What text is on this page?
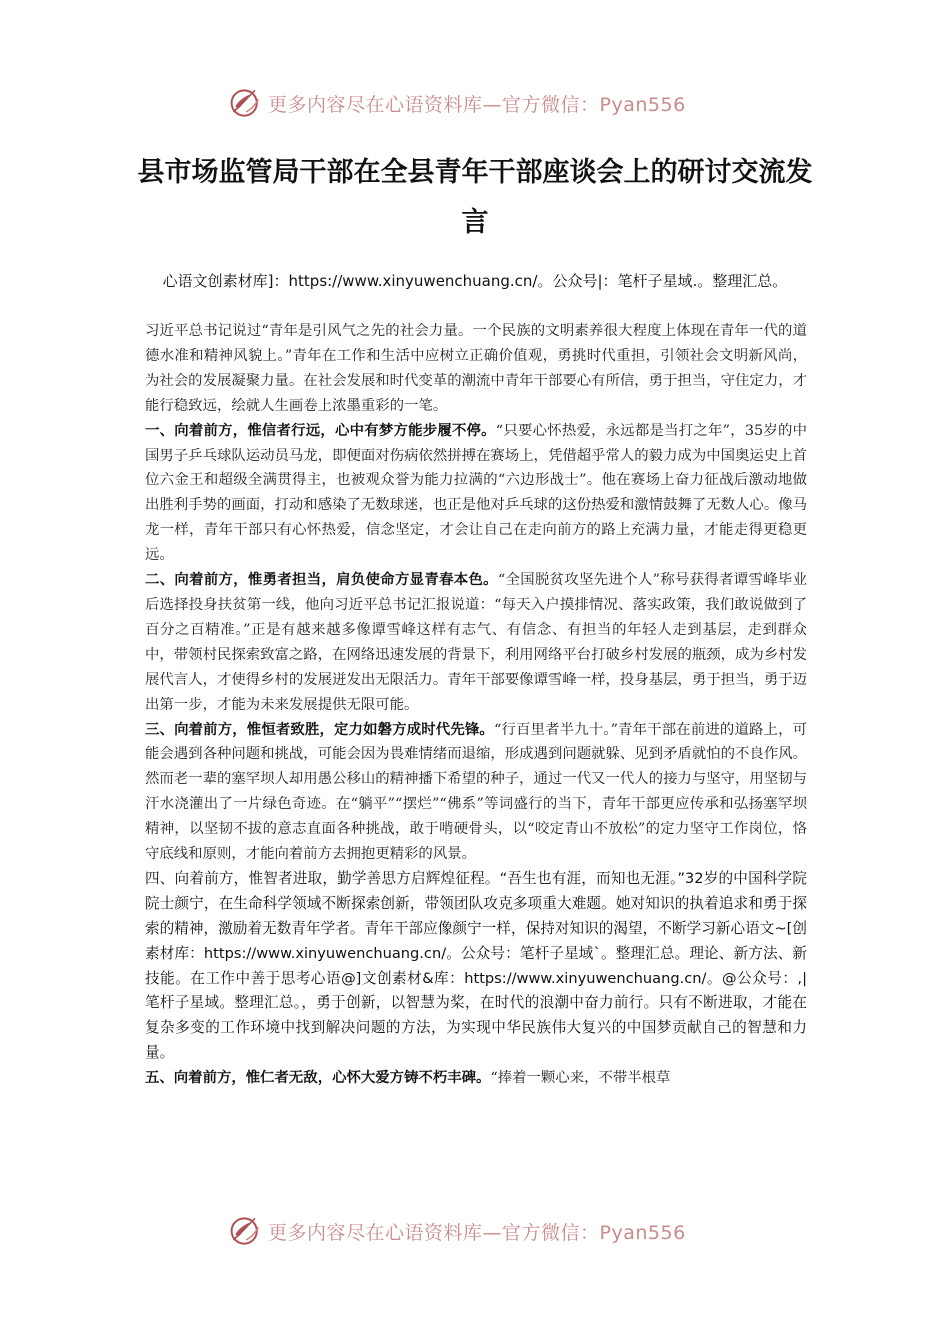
更多内容尽在心语资料库—官方微信：Pyan556
县市场监管局干部在全县青年干部座谈会上的研讨交流发言
心语文创素材库]：https://www.xinyuwenchuang.cn/。公众号|：笔杆子星域.。整理汇总。

习近平总书记说过“青年是引风气之先的社会力量。一个民族的文明素养很大程度上体现在青年一代的道德水准和精神风貌上。”青年在工作和生活中应树立正确价值观，勇挑时代重担，引领社会文明新风尚，为社会的发展凝聚力量。在社会发展和时代变革的潮流中青年干部要心有所信，勇于担当，守住定力，才能行稳致远，绘就人生画卷上浓墨重彩的一笔。

一、向着前方，惟信者行远，心中有梦方能步履不停。“只要心怀热爱，永远都是当打之年”，35岁的中国男子乒乓球队运动员马龙，即便面对伤病依然拼搏在赛场上，凭借超乎常人的毅力成为中国奥运史上首位六金王和超级全满贯得主，也被观众誉为能力拉满的“六边形战士”。他在赛场上奋力征战后激动地做出胜利手势的画面，打动和感染了无数球迷，也正是他对乒乓球的这份热爱和激情鼓舞了无数人心。像马龙一样，青年干部只有心怀热爱，信念坚定，才会让自己在走向前方的路上充满力量，才能走得更稳更远。

二、向着前方，惟勇者担当，肩负使命方显青春本色。“全国脱贫攻坚先进个人”称号获得者谭雪峰毕业后选择投身扶贫第一线，他向习近平总书记汇报说道：“每天入户摸排情况、落实政策，我们敢说做到了百分之百精准。”正是有越来越多像谭雪峰这样有志气、有信念、有担当的年轻人走到基层，走到群众中，带领村民探索致富之路，在网络迅速发展的背景下，利用网络平台打破乡村发展的瓶颈，成为乡村发展代言人，才使得乡村的发展迸发出无限活力。青年干部要像谭雪峰一样，投身基层，勇于担当，勇于迈出第一步，才能为未来发展提供无限可能。

三、向着前方，惟恒者致胜，定力如磐方成时代先锋。“行百里者半九十。”青年干部在前进的道路上，可能会遇到各种问题和挑战，可能会因为畏难情绪而退缩，形成遇到问题就躲、见到矛盾就怕的不良作风。然而老一辈的塞罕坝人却用愚公移山的精神播下希望的种子，通过一代又一代人的接力与坚守，用坚韧与汗水浇灌出了一片绿色奇迹。在“躺平”“摆烂”“佛系”等词盛行的当下，青年干部更应传承和弘扬塞罕坝精神，以坚韧不拔的意志直面各种挑战，敢于啃硬骨头，以“咬定青山不放松”的定力坚守工作岗位，恪守底线和原则，才能向着前方去拥抱更精彩的风景。

四、向着前方，惟智者进取，勤学善思方启辉煌征程。“吾生也有涯，而知也无涯。”32岁的中国科学院院士颜宁，在生命科学领域不断探索创新，带领团队攻克多项重大难题。她对知识的执着追求和勇于探索的精神，激励着无数青年学者。青年干部应像颜宁一样，保持对知识的渴望，不断学习新心语文~[创素材库：https://www.xinyuwenchuang.cn/。公众号：笔杆子星域`。整理汇总。理论、新方法、新技能。在工作中善于思考心语@]文创素材&库：https://www.xinyuwenchuang.cn/。@公众号：,|笔杆子星域。整理汇总。，勇于创新，以智慧为桨，在时代的浪潮中奋力前行。只有不断进取，才能在复杂多变的工作环境中找到解决问题的方法，为实现中华民族伟大复兴的中国梦贡献自己的智慧和力量。

五、向着前方，惟仁者无敌，心怀大爱方铸不朽丰碑。“捧着一颗心来，不带半根草

更多内容尽在心语资料库—官方微信：Pyan556
